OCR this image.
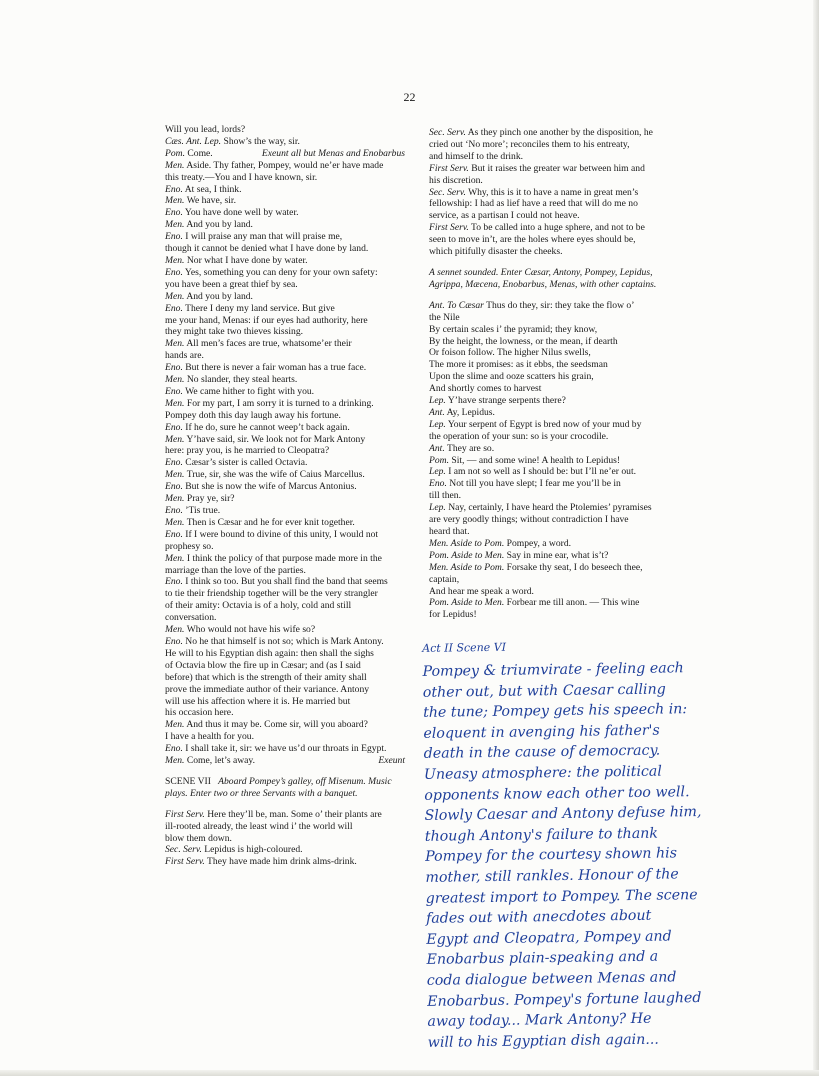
22
Will you lead, lords?
Cæs. Ant. Lep. Show’s the way, sir.
Pom. Come.	Exeunt all but Menas and Enobarbus
Men. Aside. Thy father, Pompey, would ne’er have made
this treaty.—You and I have known, sir.
Eno. At sea, I think.
Men. We have, sir.
Eno. You have done well by water.
Men. And you by land.
Eno. I will praise any man that will praise me,
though it cannot be denied what I have done by land.
Men. Nor what I have done by water.
Eno. Yes, something you can deny for your own safety:
you have been a great thief by sea.
Men. And you by land.
Eno. There I deny my land service. But give
me your hand, Menas: if our eyes had authority, here
they might take two thieves kissing.
Men. All men’s faces are true, whatsome’er their
hands are.
Eno. But there is never a fair woman has a true face.
Men. No slander, they steal hearts.
Eno. We came hither to fight with you.
Men. For my part, I am sorry it is turned to a drinking.
Pompey doth this day laugh away his fortune.
Eno. If he do, sure he cannot weep’t back again.
Men. Y’have said, sir. We look not for Mark Antony
here: pray you, is he married to Cleopatra?
Eno. Cæsar’s sister is called Octavia.
Men. True, sir, she was the wife of Caius Marcellus.
Eno. But she is now the wife of Marcus Antonius.
Men. Pray ye, sir?
Eno. ’Tis true.
Men. Then is Cæsar and he for ever knit together.
Eno. If I were bound to divine of this unity, I would not
prophesy so.
Men. I think the policy of that purpose made more in the
marriage than the love of the parties.
Eno. I think so too. But you shall find the band that seems
to tie their friendship together will be the very strangler
of their amity: Octavia is of a holy, cold and still
conversation.
Men. Who would not have his wife so?
Eno. No he that himself is not so; which is Mark Antony.
He will to his Egyptian dish again: then shall the sighs
of Octavia blow the fire up in Cæsar; and (as I said
before) that which is the strength of their amity shall
prove the immediate author of their variance. Antony
will use his affection where it is. He married but
his occasion here.
Men. And thus it may be. Come sir, will you aboard?
I have a health for you.
Eno. I shall take it, sir: we have us’d our throats in Egypt.
Men. Come, let’s away.	Exeunt
SCENE VII Aboard Pompey’s galley, off Misenum. Music
plays. Enter two or three Servants with a banquet.
First Serv. Here they’ll be, man. Some o’ their plants are
ill-rooted already, the least wind i’ the world will
blow them down.
Sec. Serv. Lepidus is high-coloured.
First Serv. They have made him drink alms-drink.
Sec. Serv. As they pinch one another by the disposition, he
cried out ‘No more’; reconciles them to his entreaty,
and himself to the drink.
First Serv. But it raises the greater war between him and
his discretion.
Sec. Serv. Why, this is it to have a name in great men’s
fellowship: I had as lief have a reed that will do me no
service, as a partisan I could not heave.
First Serv. To be called into a huge sphere, and not to be
seen to move in’t, are the holes where eyes should be,
which pitifully disaster the cheeks.
A sennet sounded. Enter Cæsar, Antony, Pompey, Lepidus,
Agrippa, Mæcena, Enobarbus, Menas, with other captains.
Ant. To Cæsar Thus do they, sir: they take the flow o’
the Nile
By certain scales i’ the pyramid; they know,
By the height, the lowness, or the mean, if dearth
Or foison follow. The higher Nilus swells,
The more it promises: as it ebbs, the seedsman
Upon the slime and ooze scatters his grain,
And shortly comes to harvest
Lep. Y’have strange serpents there?
Ant. Ay, Lepidus.
Lep. Your serpent of Egypt is bred now of your mud by
the operation of your sun: so is your crocodile.
Ant. They are so.
Pom. Sit, — and some wine! A health to Lepidus!
Lep. I am not so well as I should be: but I’ll ne’er out.
Eno. Not till you have slept; I fear me you’ll be in
till then.
Lep. Nay, certainly, I have heard the Ptolemies’ pyramises
are very goodly things; without contradiction I have
heard that.
Men. Aside to Pom. Pompey, a word.
Pom. Aside to Men. Say in mine ear, what is’t?
Men. Aside to Pom. Forsake thy seat, I do beseech thee,
captain,
And hear me speak a word.
Pom. Aside to Men. Forbear me till anon. — This wine
for Lepidus!
Act II Scene VI
Pompey & triumvirate - feeling each
other out, but with Caesar calling
the tune; Pompey gets his speech in:
eloquent in avenging his father's
death in the cause of democracy.
Uneasy atmosphere: the political
opponents know each other too well.
Slowly Caesar and Antony defuse him,
though Antony's failure to thank
Pompey for the courtesy shown his
mother, still rankles. Honour of the
greatest import to Pompey. The scene
fades out with anecdotes about
Egypt and Cleopatra, Pompey and
Enobarbus plain-speaking and a
coda dialogue between Menas and
Enobarbus. Pompey's fortune laughed
away today... Mark Antony? He
will to his Egyptian dish again...
